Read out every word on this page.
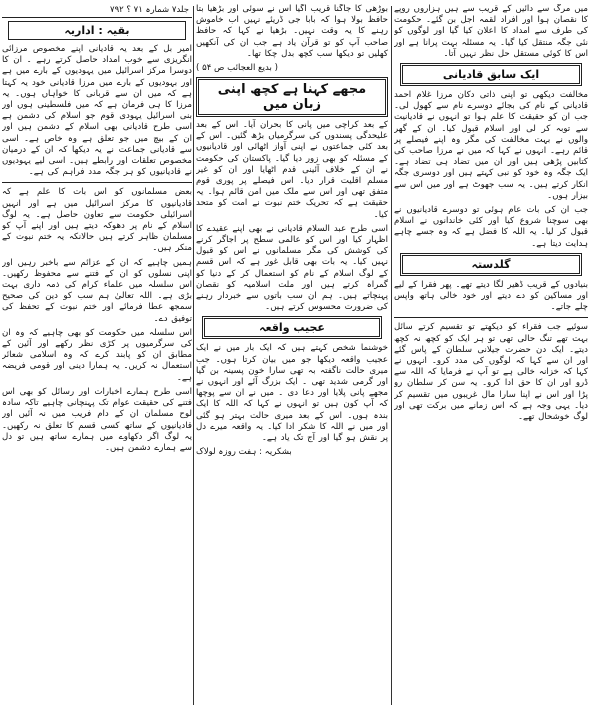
جلد۷ شمارہ ۷۱ ؟ ۷۹۲
بقیہ : اداریہ

امیر بل کے بعد یہ قادیانی اپنے مخصوص مرزائی انگریزی سے خوب امداد حاصل کرتے رہے ۔ ان کا دوسرا مرکز اسرائیل میں یہودیوں کے بارے میں ہے اور بہودیوں کے بارے میں مرزا قادیانی خود یہ کہتا ہے کہ میں ان سے قربانی کا خواہاں ہوں۔ یہ مرزا کا ہی فرمان ہے کہ میں فلسطینی ہوں اور بنی اسرائیل یہودی قوم جو اسلام کی دشمن ہے اسی طرح قادیانی بھی اسلام کے دشمن ہیں اور ان کے بیچ میں جو تعلق ہے وہ خاص ہے۔ اسی سے قادیانی جماعت نے یہ دیکھا کہ ان کے درمیان مخصوص تعلقات اور رابطے ہیں۔ اسی لیے یہودیوں نے قادیانیوں کو ہر جگہ مدد فراہم کی ہے۔

بعض مسلمانوں کو اس بات کا علم ہے کہ قادیانیوں کا مرکز اسرائیل میں ہے اور انہیں اسرائیلی حکومت سے تعاون حاصل ہے۔ یہ لوگ اسلام کے نام پر دھوکہ دیتے ہیں اور اپنے آپ کو مسلمان ظاہر کرتے ہیں حالانکہ یہ ختم نبوت کے منکر ہیں۔

ہمیں چاہیے کہ ان کے عزائم سے باخبر رہیں اور اپنی نسلوں کو ان کے فتنے سے محفوظ رکھیں۔ اس سلسلہ میں علماء کرام کی ذمہ داری بہت بڑی ہے۔ اللہ تعالیٰ ہم سب کو دین کی صحیح سمجھ عطا فرمائے اور ختم نبوت کے تحفظ کی توفیق دے۔

اس سلسلہ میں حکومت کو بھی چاہیے کہ وہ ان کی سرگرمیوں پر کڑی نظر رکھے اور آئین کے مطابق ان کو پابند کرے کہ وہ اسلامی شعائر استعمال نہ کریں۔ یہ ہمارا دینی اور قومی فریضہ ہے۔

اسی طرح ہمارے اخبارات اور رسائل کو بھی اس فتنے کی حقیقت عوام تک پہنچانی چاہیے تاکہ سادہ لوح مسلمان ان کے دام فریب میں نہ آئیں اور قادیانیوں کے ساتھ کسی قسم کا تعلق نہ رکھیں۔ یہ لوگ اگر دکھاوے میں ہمارے ساتھ ہیں تو دل سے ہمارے دشمن ہیں۔

بوڑھی کا جاگنا قریب آگیا اس نے سوئی اور بڑھیا بتا حافظ بولا ہوا کہ بابا جی ڈریئے نہیں اب خاموش رہنے کا یہ وقت نہیں۔ بڑھیا نے کہا کہ حافظ صاحب آپ کو تو قرآن یاد ہے جب ان کی آنکھیں کھلیں تو دیکھا سب کچھ بدل چکا تھا۔

( بدیع العجائب ص ۵۴ )

مجھے کہنا ہے کچھ اپنی زبان میں

کے بعد کراچی میں پانی کا بحران آیا۔ اس کے بعد علیحدگی پسندوں کی سرگرمیاں بڑھ گئیں۔ اس کے بعد کئی جماعتوں نے اپنی آواز اٹھائی اور قادیانیوں کے مسئلہ کو بھی زور دیا گیا۔ پاکستان کی حکومت نے ان کے خلاف آئینی قدم اٹھایا اور ان کو غیر مسلم اقلیت قرار دیا۔ اس فیصلے پر پوری قوم متفق تھی اور اس سے ملک میں امن قائم ہوا۔ یہ حقیقت ہے کہ تحریک ختم نبوت نے امت کو متحد کیا۔

اسی طرح عبد السلام قادیانی نے بھی اپنے عقیدے کا اظہار کیا اور اس کو عالمی سطح پر اجاگر کرنے کی کوشش کی مگر مسلمانوں نے اس کو قبول نہیں کیا۔ یہ بات بھی قابل غور ہے کہ اس قسم کے لوگ اسلام کے نام کو استعمال کر کے دنیا کو گمراہ کرتے ہیں اور ملت اسلامیہ کو نقصان پہنچاتے ہیں۔ ہم ان سب باتوں سے خبردار رہنے کی ضرورت محسوس کرتے ہیں۔

عجیب واقعہ

خوشنما شخص کہتے ہیں کہ ایک بار میں نے ایک عجیب واقعہ دیکھا جو میں بیان کرتا ہوں۔ جب میری حالت ناگفتہ بہ تھی سارا خون پسینہ بن گیا اور گرمی شدید تھی ۔ ایک بزرگ آئے اور انہوں نے مجھے پانی پلایا اور دعا دی ۔ میں نے ان سے پوچھا کہ آپ کون ہیں تو انہوں نے کہا کہ اللہ کا ایک بندہ ہوں۔ اس کے بعد میری حالت بہتر ہو گئی اور میں نے اللہ کا شکر ادا کیا۔ یہ واقعہ میرے دل پر نقش ہو گیا اور آج تک یاد ہے۔

بشکریہ : ہفت روزہ لولاک

میں مرگ سے دائیں کے قریب سے ہیں ہزاروں روپے کا نقصان ہوا اور افراد لقمہ اجل بن گئے۔ حکومت کی طرف سے امداد کا اعلان کیا گیا اور لوگوں کو نئی جگہ منتقل کیا گیا۔ یہ مسئلہ بہت پرانا ہے اور اس کا کوئی مستقل حل نظر نہیں آتا۔

ایک سابق قادیانی

مخالفت دیکھی تو اپنی ذاتی دکان مرزا غلام احمد قادیانی کے نام کی بجائے دوسرے نام سے کھول لی۔ جب ان کو حقیقت کا علم ہوا تو انہوں نے قادیانیت سے توبہ کر لی اور اسلام قبول کیا۔ ان کے گھر والوں نے بہت مخالفت کی مگر وہ اپنے فیصلے پر قائم رہے۔ انہوں نے کہا کہ میں نے مرزا صاحب کی کتابیں پڑھی ہیں اور ان میں تضاد ہی تضاد ہے۔ ایک جگہ وہ خود کو نبی کہتے ہیں اور دوسری جگہ انکار کرتے ہیں۔ یہ سب جھوٹ ہے اور میں اس سے بیزار ہوں۔

جب ان کی بات عام ہوئی تو دوسرے قادیانیوں نے بھی سوچنا شروع کیا اور کئی خاندانوں نے اسلام قبول کر لیا۔ یہ اللہ کا فضل ہے کہ وہ جسے چاہے ہدایت دیتا ہے۔

گلدستہ

بنیادوں کے قریب ڈھیر لگا دیتے تھے۔ پھر فقرا کے لیے اور مساکین کو دے دیتے اور خود خالی ہاتھ واپس چلے جاتے۔

سوئیے جب فقراء کو دیکھتے تو تقسیم کرتے سائل بہت تھے تنگ حالی تھی تو ہر ایک کو کچھ نہ کچھ دیتے۔ ایک دن حضرت جیلانی سلطان کے پاس گئے اور ان سے کہا کہ لوگوں کی مدد کرو۔ انہوں نے کہا کہ خزانہ خالی ہے تو آپ نے فرمایا کہ اللہ سے ڈرو اور ان کا حق ادا کرو۔ یہ سن کر سلطان رو پڑا اور اس نے اپنا سارا مال غریبوں میں تقسیم کر دیا۔ یہی وجہ ہے کہ اس زمانے میں برکت تھی اور لوگ خوشحال تھے۔
